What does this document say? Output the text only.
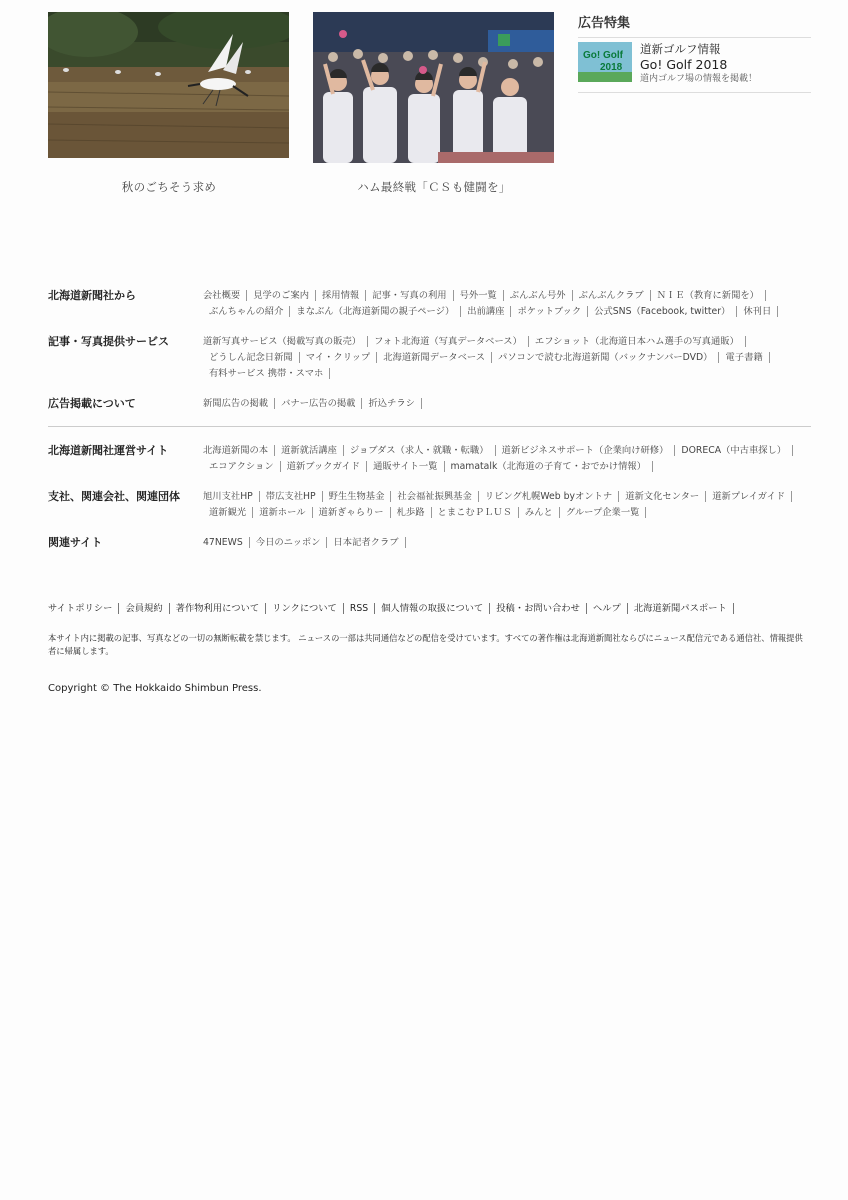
秋のごちそう求め	ハム最終戦「ＣＳも健闘を」
広告特集
Go! Golf
2018
道新ゴルフ情報
Go! Golf 2018
道内ゴルフ場の情報を掲載！
北海道新聞社から	会社概要 見学のご案内 採用情報 記事・写真の利用 号外一覧 ぶんぶん号外 ぶんぶんクラブ ＮＩＥ（教育に新聞を）ぶんちゃんの紹介 まなぶん（北海道新聞の親子ページ） 出前講座 ポケットブック 公式SNS（Facebook, twitter） 休刊日
記事・写真提供サービス	道新写真サービス（掲載写真の販売） フォト北海道（写真データベース） エフショット（北海道日本ハム選手の写真通販）どうしん記念日新聞 マイ・クリップ 北海道新聞データベース パソコンで読む北海道新聞（バックナンバーDVD） 電子書籍有料サービス 携帯・スマホ
広告掲載について	新聞広告の掲載 バナー広告の掲載 折込チラシ
北海道新聞社運営サイト	北海道新聞の本 道新就活講座 ジョブダス（求人・就職・転職） 道新ビジネスサポート（企業向け研修） DORECA（中古車探し）エコアクション 道新ブックガイド 通販サイト一覧 mamatalk（北海道の子育て・おでかけ情報）
支社、関連会社、関連団体	旭川支社HP 帯広支社HP 野生生物基金 社会福祉振興基金 リビング札幌Web byオントナ 道新文化センター 道新プレイガイド道新観光 道新ホール 道新ぎゃらりー 札歩路 とまこむＰＬＵＳ みんと グループ企業一覧
関連サイト	47NEWS 今日のニッポン 日本記者クラブ
サイトポリシー 会員規約 著作物利用について リンクについて RSS 個人情報の取扱について 投稿・お問い合わせ ヘルプ 北海道新聞パスポート
本サイト内に掲載の記事、写真などの一切の無断転載を禁じます。 ニュースの一部は共同通信などの配信を受けています。すべての著作権は北海道新聞社ならびにニュース配信元である通信社、情報提供者に帰属します。
Copyright © The Hokkaido Shimbun Press.
